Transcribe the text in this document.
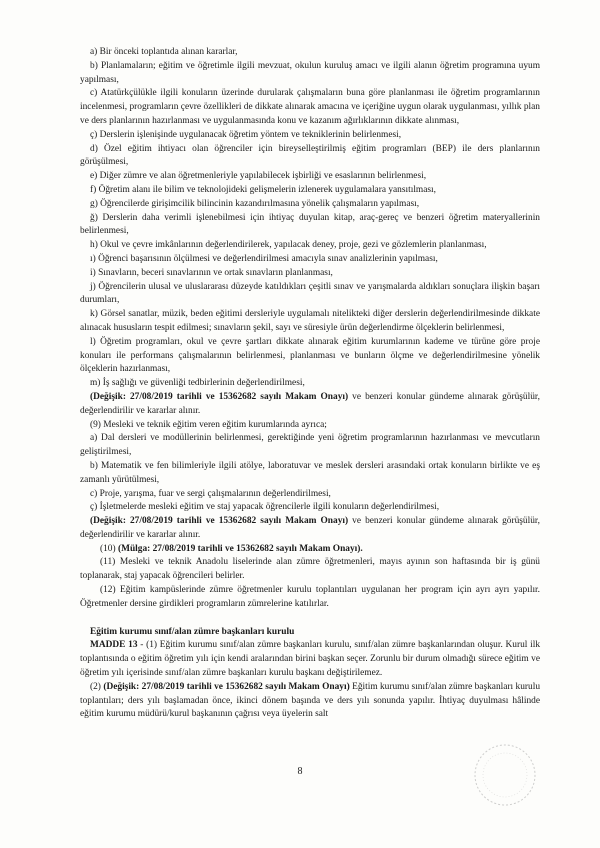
a) Bir önceki toplantıda alınan kararlar,

b) Planlamaların; eğitim ve öğretimle ilgili mevzuat, okulun kuruluş amacı ve ilgili alanın öğretim programına uyum yapılması,

c) Atatürkçülükle ilgili konuların üzerinde durularak çalışmaların buna göre planlanması ile öğretim programlarının incelenmesi, programların çevre özellikleri de dikkate alınarak amacına ve içeriğine uygun olarak uygulanması, yıllık plan ve ders planlarının hazırlanması ve uygulanmasında konu ve kazanım ağırlıklarının dikkate alınması,

ç) Derslerin işlenişinde uygulanacak öğretim yöntem ve tekniklerinin belirlenmesi,

d) Özel eğitim ihtiyacı olan öğrenciler için bireyselleştirilmiş eğitim programları (BEP) ile ders planlarının görüşülmesi,

e) Diğer zümre ve alan öğretmenleriyle yapılabilecek işbirliği ve esaslarının belirlenmesi,

f) Öğretim alanı ile bilim ve teknolojideki gelişmelerin izlenerek uygulamalara yansıtılması,

g) Öğrencilerde girişimcilik bilincinin kazandırılmasına yönelik çalışmaların yapılması,

ğ) Derslerin daha verimli işlenebilmesi için ihtiyaç duyulan kitap, araç-gereç ve benzeri öğretim materyallerinin belirlenmesi,

h) Okul ve çevre imkânlarının değerlendirilerek, yapılacak deney, proje, gezi ve gözlemlerin planlanması,

ı) Öğrenci başarısının ölçülmesi ve değerlendirilmesi amacıyla sınav analizlerinin yapılması,

i) Sınavların, beceri sınavlarının ve ortak sınavların planlanması,

j) Öğrencilerin ulusal ve uluslararası düzeyde katıldıkları çeşitli sınav ve yarışmalarda aldıkları sonuçlara ilişkin başarı durumları,

k) Görsel sanatlar, müzik, beden eğitimi dersleriyle uygulamalı nitelikteki diğer derslerin değerlendirilmesinde dikkate alınacak hususların tespit edilmesi; sınavların şekil, sayı ve süresiyle ürün değerlendirme ölçeklerin belirlenmesi,

l) Öğretim programları, okul ve çevre şartları dikkate alınarak eğitim kurumlarının kademe ve türüne göre proje konuları ile performans çalışmalarının belirlenmesi, planlanması ve bunların ölçme ve değerlendirilmesine yönelik ölçeklerin hazırlanması,

m) İş sağlığı ve güvenliği tedbirlerinin değerlendirilmesi,

(Değişik: 27/08/2019 tarihli ve 15362682 sayılı Makam Onayı) ve benzeri konular gündeme alınarak görüşülür, değerlendirilir ve kararlar alınır.

(9) Mesleki ve teknik eğitim veren eğitim kurumlarında ayrıca;

a) Dal dersleri ve modüllerinin belirlenmesi, gerektiğinde yeni öğretim programlarının hazırlanması ve mevcutların geliştirilmesi,

b) Matematik ve fen bilimleriyle ilgili atölye, laboratuvar ve meslek dersleri arasındaki ortak konuların birlikte ve eş zamanlı yürütülmesi,

c) Proje, yarışma, fuar ve sergi çalışmalarının değerlendirilmesi,

ç) İşletmelerde mesleki eğitim ve staj yapacak öğrencilerle ilgili konuların değerlendirilmesi,

(Değişik: 27/08/2019 tarihli ve 15362682 sayılı Makam Onayı) ve benzeri konular gündeme alınarak görüşülür, değerlendirilir ve kararlar alınır.

(10) (Mülga: 27/08/2019 tarihli ve 15362682 sayılı Makam Onayı).

(11) Mesleki ve teknik Anadolu liselerinde alan zümre öğretmenleri, mayıs ayının son haftasında bir iş günü toplanarak, staj yapacak öğrencileri belirler.

(12) Eğitim kampüslerinde zümre öğretmenler kurulu toplantıları uygulanan her program için ayrı ayrı yapılır. Öğretmenler dersine girdikleri programların zümrelerine katılırlar.

Eğitim kurumu sınıf/alan zümre başkanları kurulu

MADDE 13 - (1) Eğitim kurumu sınıf/alan zümre başkanları kurulu, sınıf/alan zümre başkanlarından oluşur. Kurul ilk toplantısında o eğitim öğretim yılı için kendi aralarından birini başkan seçer. Zorunlu bir durum olmadığı sürece eğitim ve öğretim yılı içerisinde sınıf/alan zümre başkanları kurulu başkanı değiştirilemez.

(2) (Değişik: 27/08/2019 tarihli ve 15362682 sayılı Makam Onayı) Eğitim kurumu sınıf/alan zümre başkanları kurulu toplantıları; ders yılı başlamadan önce, ikinci dönem başında ve ders yılı sonunda yapılır. İhtiyaç duyulması hâlinde eğitim kurumu müdürü/kurul başkanının çağrısı veya üyelerin salt

8
